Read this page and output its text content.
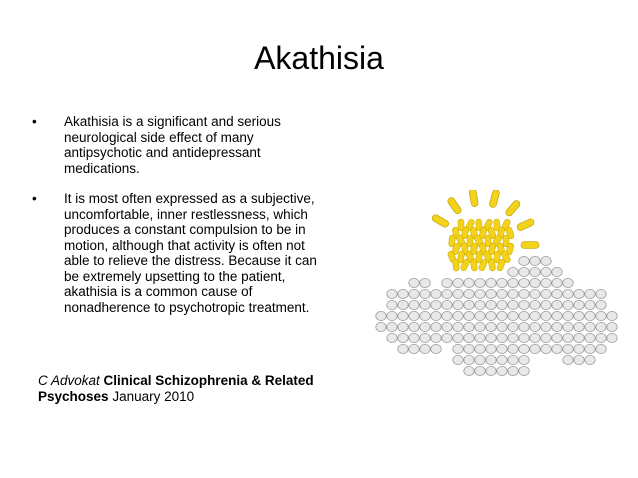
Akathisia
• Akathisia is a significant and serious neurological side effect of many antipsychotic and antidepressant medications.
• It is most often expressed as a subjective, uncomfortable, inner restlessness, which produces a constant compulsion to be in motion, although that activity is often not able to relieve the distress. Because it can be extremely upsetting to the patient, akathisia is a common cause of nonadherence to psychotropic treatment.
C Advokat Clinical Schizophrenia & Related Psychoses January 2010
